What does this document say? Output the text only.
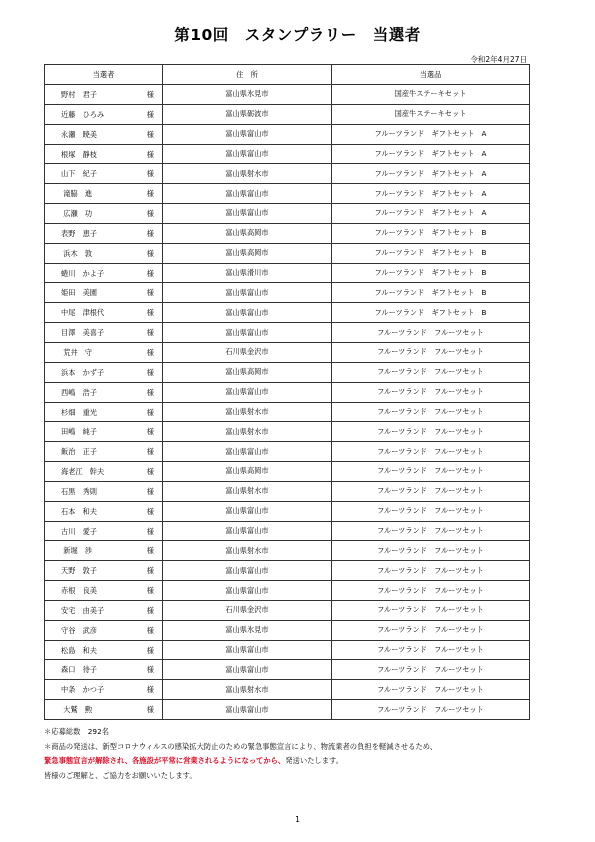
第10回　スタンプラリー　当選者
令和2年4月27日
当選者	住　所	当選品

野村　君子 様	富山県氷見市	国産牛ステーキセット

近藤　ひろみ 様	富山県砺波市	国産牛ステーキセット

永瀬　暁美 様	富山県富山市	フルーツランド　ギフトセット　A

根塚　静枝 様	富山県富山市	フルーツランド　ギフトセット　A

山下　紀子 様	富山県射水市	フルーツランド　ギフトセット　A

滝脇　進 様	富山県富山市	フルーツランド　ギフトセット　A

広瀬　功 様	富山県富山市	フルーツランド　ギフトセット　A

表野　恵子 様	富山県高岡市	フルーツランド　ギフトセット　B

浜木　敦 様	富山県高岡市	フルーツランド　ギフトセット　B

蜷川　かよ子 様	富山県滑川市	フルーツランド　ギフトセット　B

姫田　美園 様	富山県富山市	フルーツランド　ギフトセット　B

中尾　津根代 様	富山県富山市	フルーツランド　ギフトセット　B

目澤　美喜子 様	富山県富山市	フルーツランド　フルーツセット

荒井　守 様	石川県金沢市	フルーツランド　フルーツセット

浜本　かず子 様	富山県高岡市	フルーツランド　フルーツセット

西嶋　浩子 様	富山県富山市	フルーツランド　フルーツセット

杉畑　重光 様	富山県射水市	フルーツランド　フルーツセット

田嶋　純子 様	富山県射水市	フルーツランド　フルーツセット

飯治　正子 様	富山県富山市	フルーツランド　フルーツセット

海老江　幹夫 様	富山県高岡市	フルーツランド　フルーツセット

石黒　秀則 様	富山県射水市	フルーツランド　フルーツセット

石本　和夫 様	富山県富山市	フルーツランド　フルーツセット

古川　愛子 様	富山県富山市	フルーツランド　フルーツセット

新堀　渉 様	富山県射水市	フルーツランド　フルーツセット

天野　敦子 様	富山県富山市	フルーツランド　フルーツセット

赤根　良美 様	富山県富山市	フルーツランド　フルーツセット

安宅　由美子 様	石川県金沢市	フルーツランド　フルーツセット

守谷　武彦 様	富山県氷見市	フルーツランド　フルーツセット

松島　和夫 様	富山県富山市	フルーツランド　フルーツセット

森口　待子 様	富山県富山市	フルーツランド　フルーツセット

中条　かつ子 様	富山県射水市	フルーツランド　フルーツセット

大鷲　勲 様	富山県富山市	フルーツランド　フルーツセット
＊応募総数　292名
＊商品の発送は、新型コロナウィルスの感染拡大防止のための緊急事態宣言により、物流業者の負担を軽減させるため、
緊急事態宣言が解除され、各施設が平常に営業されるようになってから、発送いたします。
皆様のご理解と、ご協力をお願いいたします。
1
